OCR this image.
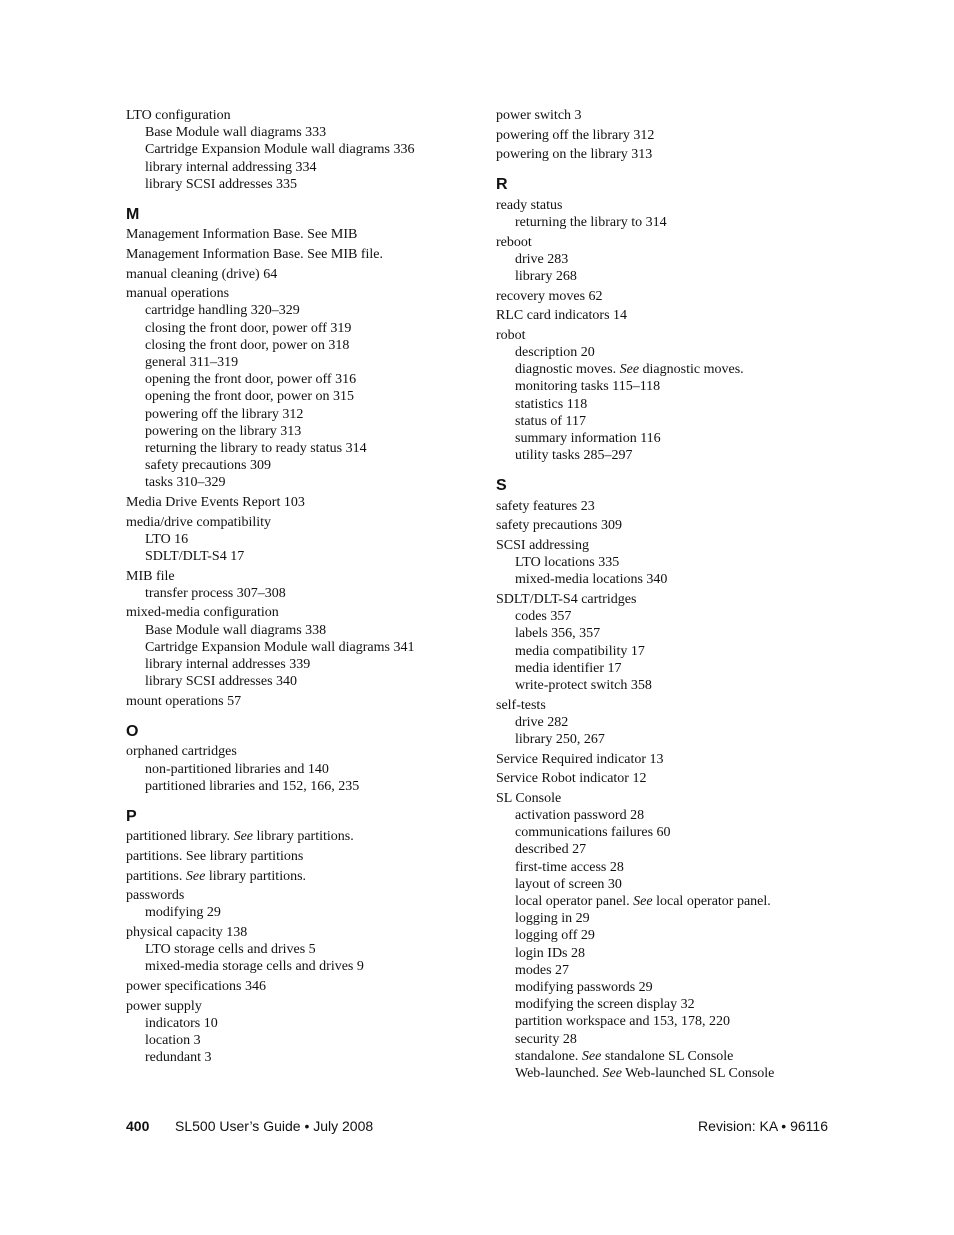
LTO configuration
Base Module wall diagrams 333
Cartridge Expansion Module wall diagrams 336
library internal addressing 334
library SCSI addresses 335
M
Management Information Base. See MIB
Management Information Base. See MIB file.
manual cleaning (drive) 64
manual operations
cartridge handling 320–329
closing the front door, power off 319
closing the front door, power on 318
general 311–319
opening the front door, power off 316
opening the front door, power on 315
powering off the library 312
powering on the library 313
returning the library to ready status 314
safety precautions 309
tasks 310–329
Media Drive Events Report 103
media/drive compatibility
LTO 16
SDLT/DLT-S4 17
MIB file
transfer process 307–308
mixed-media configuration
Base Module wall diagrams 338
Cartridge Expansion Module wall diagrams 341
library internal addresses 339
library SCSI addresses 340
mount operations 57
O
orphaned cartridges
non-partitioned libraries and 140
partitioned libraries and 152, 166, 235
P
partitioned library. See library partitions.
partitions. See library partitions
partitions. See library partitions.
passwords
modifying 29
physical capacity 138
LTO storage cells and drives 5
mixed-media storage cells and drives 9
power specifications 346
power supply
indicators 10
location 3
redundant 3
power switch 3
powering off the library 312
powering on the library 313
R
ready status
returning the library to 314
reboot
drive 283
library 268
recovery moves 62
RLC card indicators 14
robot
description 20
diagnostic moves. See diagnostic moves.
monitoring tasks 115–118
statistics 118
status of 117
summary information 116
utility tasks 285–297
S
safety features 23
safety precautions 309
SCSI addressing
LTO locations 335
mixed-media locations 340
SDLT/DLT-S4 cartridges
codes 357
labels 356, 357
media compatibility 17
media identifier 17
write-protect switch 358
self-tests
drive 282
library 250, 267
Service Required indicator 13
Service Robot indicator 12
SL Console
activation password 28
communications failures 60
described 27
first-time access 28
layout of screen 30
local operator panel. See local operator panel.
logging in 29
logging off 29
login IDs 28
modes 27
modifying passwords 29
modifying the screen display 32
partition workspace and 153, 178, 220
security 28
standalone. See standalone SL Console
Web-launched. See Web-launched SL Console
400 SL500 User’s Guide • July 2008	Revision: KA • 96116
